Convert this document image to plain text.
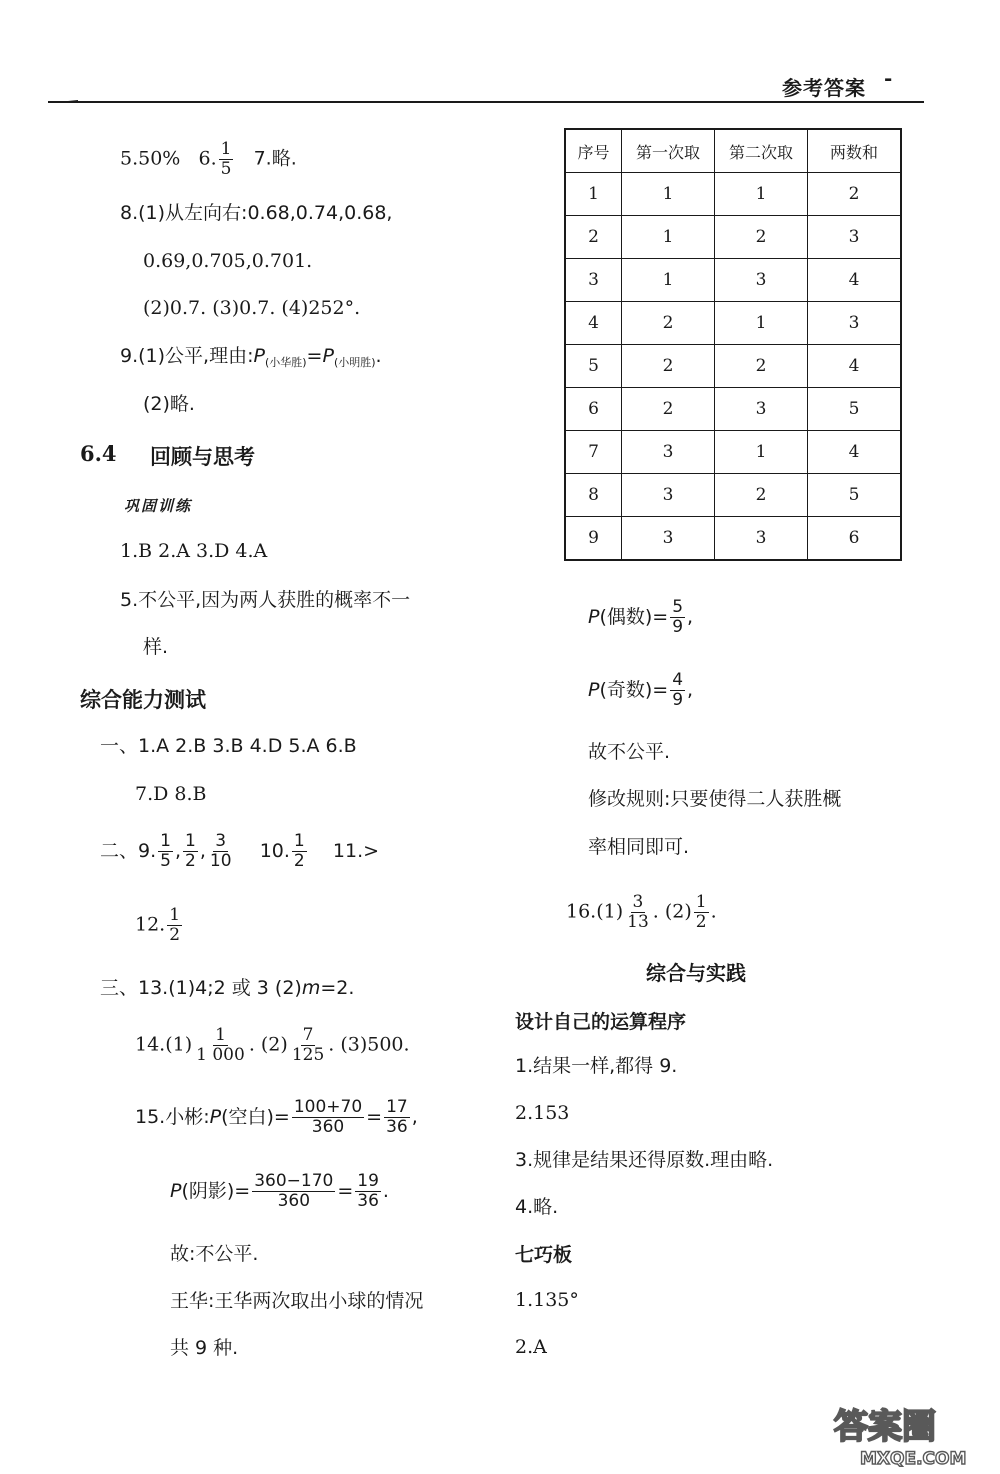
参考答案 -
5.50% 6. $\frac{1}{5} 7$.略.
8.(1)从左向右:0.68,0.74,0.68,
0.69,0.705,0.701.
(2)0.7. (3)0.7. (4)252°.
9.(1)公平,理由$:P_{(小华胜)}=P_{(小明胜)}$.
(2)略.
6.4 回顾与思考
巩固训练
1.B 2.A 3.D 4.A
5.不公平,因为两人获胜的概率不一
样.
综合能力测试
一、1.A 2.B 3.B 4.D 5.A 6.B
7.D 8.B
二、9. $\frac{1}{5}$ , $\frac{1}{2}$ , $\frac{3}{10} 10$. $\frac{1}{2} 11.>$
12. $\frac{1}{2}$
三、13.(1)4;2 或 3 (2)m=2.
$14.(1) \frac{1}{1 000}$ . $(2) \frac{7}{125}$ . (3)500.
15.小彬:P(空白)= $\frac{100+70}{360} = \frac{17}{36}$ ,
P(阴影)= $\frac{360-170}{360} = \frac{19}{36}$ .
故:不公平.
王华:王华两次取出小球的情况
共 9 种.
序号	第一次取	第二次取	两数和
1	1	1	2
2	1	2	3
3	1	3	4
4	2	1	3
5	2	2	4
6	2	3	5
7	3	1	4
8	3	2	5
9	3	3	6
P(偶数)= $\frac{5}{9}$ ,
P(奇数)= $\frac{4}{9}$ ,
故不公平.
修改规则:只要使得二人获胜概
率相同即可.
$16.(1) \frac{3}{13}$ . $(2) \frac{1}{2}$ .
综合与实践
设计自己的运算程序
1.结果一样,都得 9.
2.153
3.规律是结果还得原数.理由略.
4.略.
七巧板
1.135°
2.A
答案圈
MXQE.COM
